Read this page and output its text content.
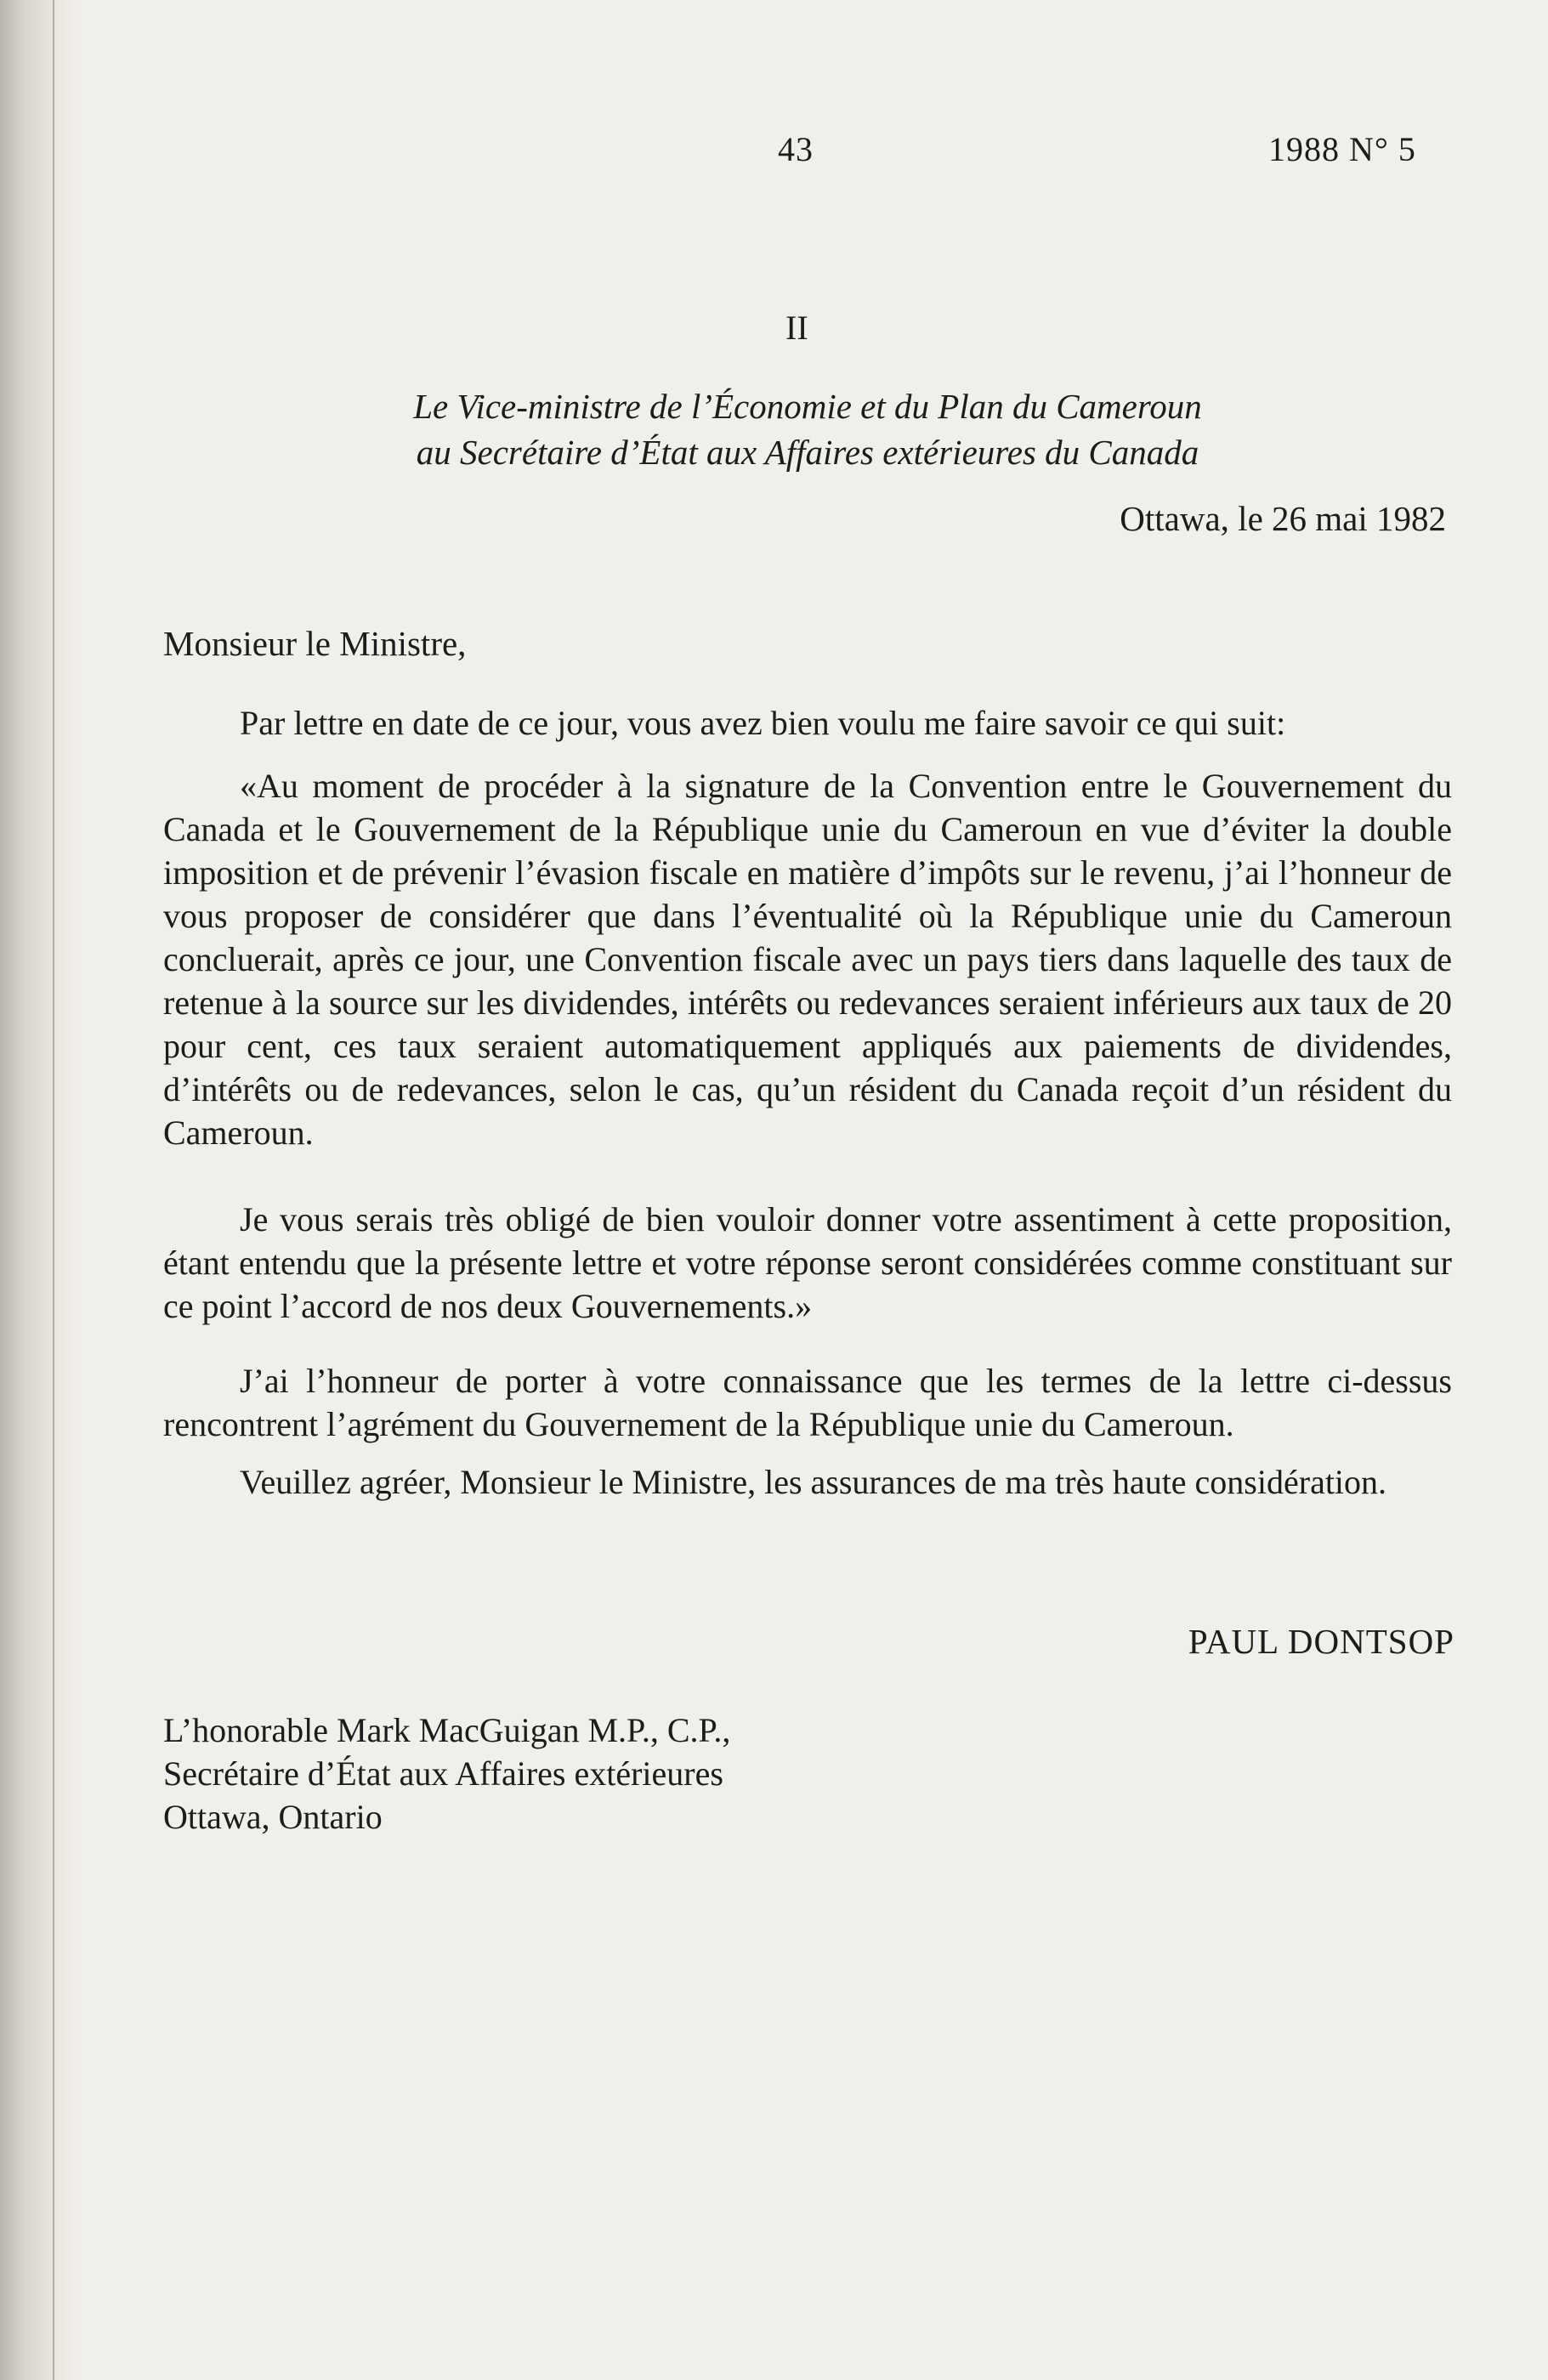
43	1988 N° 5
II
Le Vice-ministre de l’Économie et du Plan du Cameroun
au Secrétaire d’État aux Affaires extérieures du Canada
Ottawa, le 26 mai 1982
Monsieur le Ministre,

Par lettre en date de ce jour, vous avez bien voulu me faire savoir ce qui suit:

«Au moment de procéder à la signature de la Convention entre le Gouvernement du Canada et le Gouvernement de la République unie du Cameroun en vue d’éviter la double imposition et de prévenir l’évasion fiscale en matière d’impôts sur le revenu, j’ai l’honneur de vous proposer de considérer que dans l’éventualité où la République unie du Cameroun concluerait, après ce jour, une Convention fiscale avec un pays tiers dans laquelle des taux de retenue à la source sur les dividendes, intérêts ou redevances seraient inférieurs aux taux de 20 pour cent, ces taux seraient automatiquement appliqués aux paiements de dividendes, d’intérêts ou de redevances, selon le cas, qu’un résident du Canada reçoit d’un résident du Cameroun.

Je vous serais très obligé de bien vouloir donner votre assentiment à cette proposition, étant entendu que la présente lettre et votre réponse seront considérées comme constituant sur ce point l’accord de nos deux Gouvernements.»

J’ai l’honneur de porter à votre connaissance que les termes de la lettre ci-dessus rencontrent l’agrément du Gouvernement de la République unie du Cameroun.

Veuillez agréer, Monsieur le Ministre, les assurances de ma très haute considération.

PAUL DONTSOP
L’honorable Mark MacGuigan M.P., C.P.,
Secrétaire d’État aux Affaires extérieures
Ottawa, Ontario
